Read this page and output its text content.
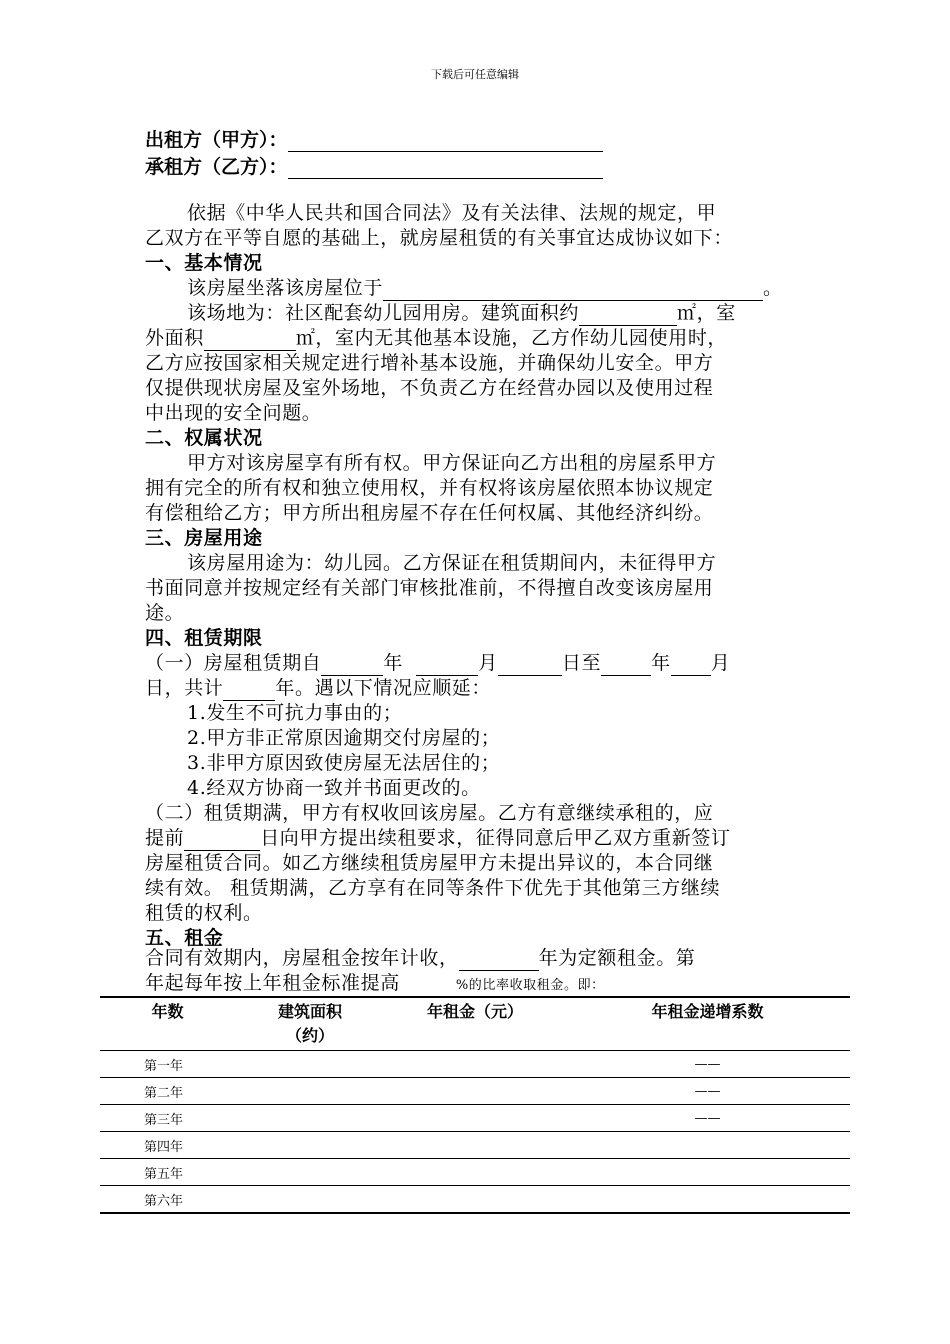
下载后可任意编辑
出租方（甲方）：
承租方（乙方）：
依据《中华人民共和国合同法》及有关法律、法规的规定，甲
乙双方在平等自愿的基础上，就房屋租赁的有关事宜达成协议如下：
一、基本情况
该房屋坐落该房屋位于	。
该场地为：社区配套幼儿园用房。建筑面积约	㎡，室
外面积	㎡，室内无其他基本设施，乙方作幼儿园使用时，
乙方应按国家相关规定进行增补基本设施，并确保幼儿安全。甲方
仅提供现状房屋及室外场地，不负责乙方在经营办园以及使用过程
中出现的安全问题。
二、权属状况
甲方对该房屋享有所有权。甲方保证向乙方出租的房屋系甲方
拥有完全的所有权和独立使用权，并有权将该房屋依照本协议规定
有偿租给乙方；甲方所出租房屋不存在任何权属、其他经济纠纷。
三、房屋用途
该房屋用途为：幼儿园。乙方保证在租赁期间内，未征得甲方
书面同意并按规定经有关部门审核批准前，不得擅自改变该房屋用
途。
四、租赁期限
（一）房屋租赁期自	年	月	日至	年 月
日，共计	年。遇以下情况应顺延：
1.发生不可抗力事由的；
2.甲方非正常原因逾期交付房屋的；
3.非甲方原因致使房屋无法居住的；
4.经双方协商一致并书面更改的。
（二）租赁期满，甲方有权收回该房屋。乙方有意继续承租的，应
提前	日向甲方提出续租要求，征得同意后甲乙双方重新签订
房屋租赁合同。如乙方继续租赁房屋甲方未提出异议的，本合同继
续有效。 租赁期满，乙方享有在同等条件下优先于其他第三方继续
租赁的权利。
五、租金
合同有效期内，房屋租金按年计收，	年为定额租金。第
年起每年按上年租金标准提高	%的比率收取租金。即：
年数	建筑面积（约）	年租金（元）	年租金递增系数
第一年			——
第二年			——
第三年			——
第四年			
第五年			
第六年			
